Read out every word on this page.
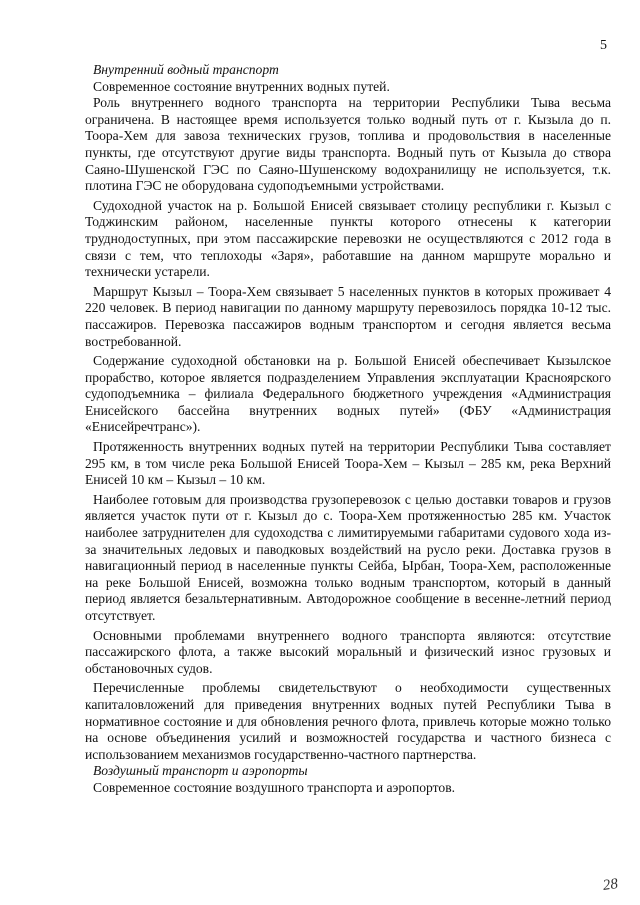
5
Внутренний водный транспорт
Современное состояние внутренних водных путей.

Роль внутреннего водного транспорта на территории Республики Тыва весьма ограничена. В настоящее время используется только водный путь от г. Кызыла до п. Тоора-Хем для завоза технических грузов, топлива и продовольствия в населенные пункты, где отсутствуют другие виды транспорта. Водный путь от Кызыла до створа Саяно-Шушенской ГЭС по Саяно-Шушенскому водохранилищу не используется, т.к. плотина ГЭС не оборудована судоподъемными устройствами.

Судоходной участок на р. Большой Енисей связывает столицу республики г. Кызыл с Тоджинским районом, населенные пункты которого отнесены к категории труднодоступных, при этом пассажирские перевозки не осуществляются с 2012 года в связи с тем, что теплоходы «Заря», работавшие на данном маршруте морально и технически устарели.

Маршрут Кызыл – Тоора-Хем связывает 5 населенных пунктов в которых проживает 4 220 человек. В период навигации по данному маршруту перевозилось порядка 10-12 тыс. пассажиров. Перевозка пассажиров водным транспортом и сегодня является весьма востребованной.

Содержание судоходной обстановки на р. Большой Енисей обеспечивает Кызылское прорабство, которое является подразделением Управления эксплуатации Красноярского судоподъемника – филиала Федерального бюджетного учреждения «Администрация Енисейского бассейна внутренних водных путей» (ФБУ «Администрация «Енисейречтранс»).

Протяженность внутренних водных путей на территории Республики Тыва составляет 295 км, в том числе река Большой Енисей Тоора-Хем – Кызыл – 285 км, река Верхний Енисей 10 км – Кызыл – 10 км.

Наиболее готовым для производства грузоперевозок с целью доставки товаров и грузов является участок пути от г. Кызыл до с. Тоора-Хем протяженностью 285 км. Участок наиболее затруднителен для судоходства с лимитируемыми габаритами судового хода из-за значительных ледовых и паводковых воздействий на русло реки. Доставка грузов в навигационный период в населенные пункты Сейба, Ырбан, Тоора-Хем, расположенные на реке Большой Енисей, возможна только водным транспортом, который в данный период является безальтернативным. Автодорожное сообщение в весенне-летний период отсутствует.

Основными проблемами внутреннего водного транспорта являются: отсутствие пассажирского флота, а также высокий моральный и физический износ грузовых и обстановочных судов.

Перечисленные проблемы свидетельствуют о необходимости существенных капиталовложений для приведения внутренних водных путей Республики Тыва в нормативное состояние и для обновления речного флота, привлечь которые можно только на основе объединения усилий и возможностей государства и частного бизнеса с использованием механизмов государственно-частного партнерства.

Воздушный транспорт и аэропорты
Современное состояние воздушного транспорта и аэропортов.
28
